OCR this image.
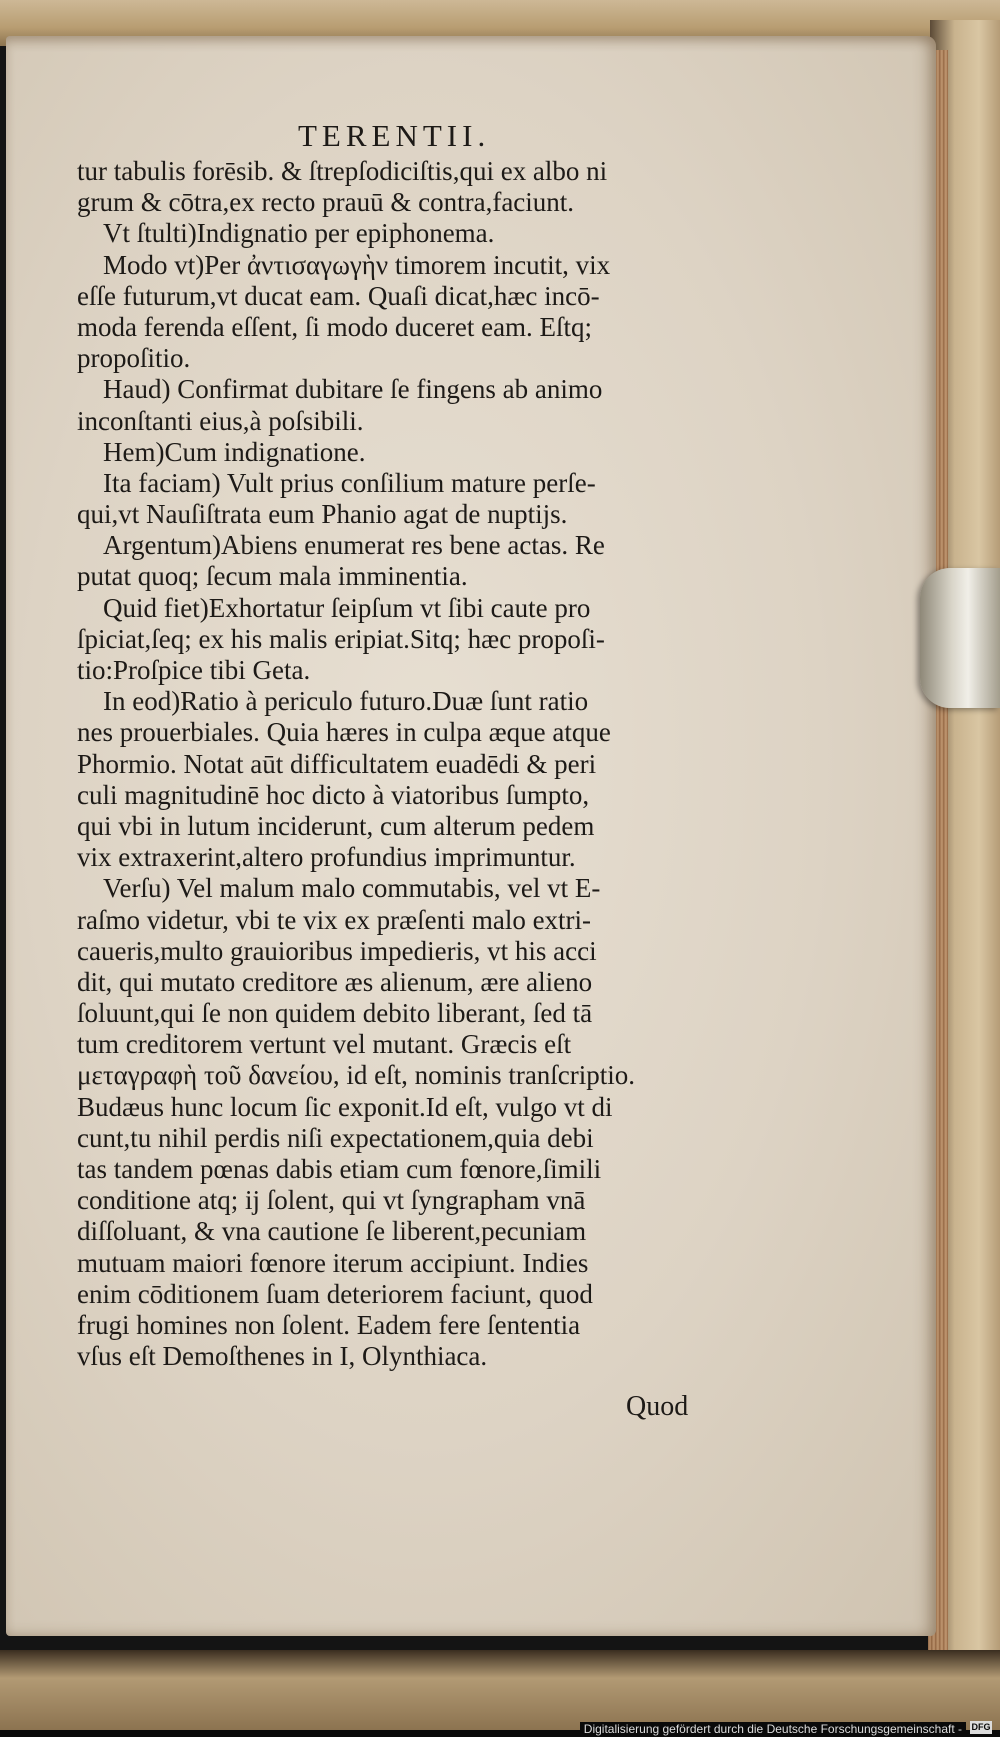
TERENTII.
tur tabulis forēsib. & ſtrepſodiciſtis,qui ex albo ni
grum & cōtra,ex recto prauū & contra,faciunt.
Vt ſtulti)Indignatio per epiphonema.
Modo vt)Per ἀντισαγωγὴν timorem incutit, vix
eſſe futurum,vt ducat eam. Quaſi dicat,hæc incō-
moda ferenda eſſent, ſi modo duceret eam. Eſtq;
propoſitio.
Haud) Confirmat dubitare ſe fingens ab animo
inconſtanti eius,à poſsibili.
Hem)Cum indignatione.
Ita faciam) Vult prius conſilium mature perſe-
qui,vt Nauſiſtrata eum Phanio agat de nuptijs.
Argentum)Abiens enumerat res bene actas. Re
putat quoq; ſecum mala imminentia.
Quid fiet)Exhortatur ſeipſum vt ſibi caute pro
ſpiciat,ſeq; ex his malis eripiat.Sitq; hæc propoſi-
tio:Proſpice tibi Geta.
In eod)Ratio à periculo futuro.Duæ ſunt ratio
nes prouerbiales. Quia hæres in culpa æque atque
Phormio. Notat aūt difficultatem euadēdi & peri
culi magnitudinē hoc dicto à viatoribus ſumpto,
qui vbi in lutum inciderunt, cum alterum pedem
vix extraxerint,altero profundius imprimuntur.
Verſu) Vel malum malo commutabis, vel vt E-
raſmo videtur, vbi te vix ex præſenti malo extri-
caueris,multo grauioribus impedieris, vt his acci
dit, qui mutato creditore æs alienum, ære alieno
ſoluunt,qui ſe non quidem debito liberant, ſed tā
tum creditorem vertunt vel mutant. Græcis eſt
μεταγραφὴ τοῦ δανείου, id eſt, nominis tranſcriptio.
Budæus hunc locum ſic exponit.Id eſt, vulgo vt di
cunt,tu nihil perdis niſi expectationem,quia debi
tas tandem pœnas dabis etiam cum fœnore,ſimili
conditione atq; ij ſolent, qui vt ſyngrapham vnā
diſſoluant, & vna cautione ſe liberent,pecuniam
mutuam maiori fœnore iterum accipiunt. Indies
enim cōditionem ſuam deteriorem faciunt, quod
frugi homines non ſolent. Eadem fere ſententia
vſus eſt Demoſthenes in I, Olynthiaca.
Quod
Digitalisierung gefördert durch die Deutsche Forschungsgemeinschaft -	DFG
